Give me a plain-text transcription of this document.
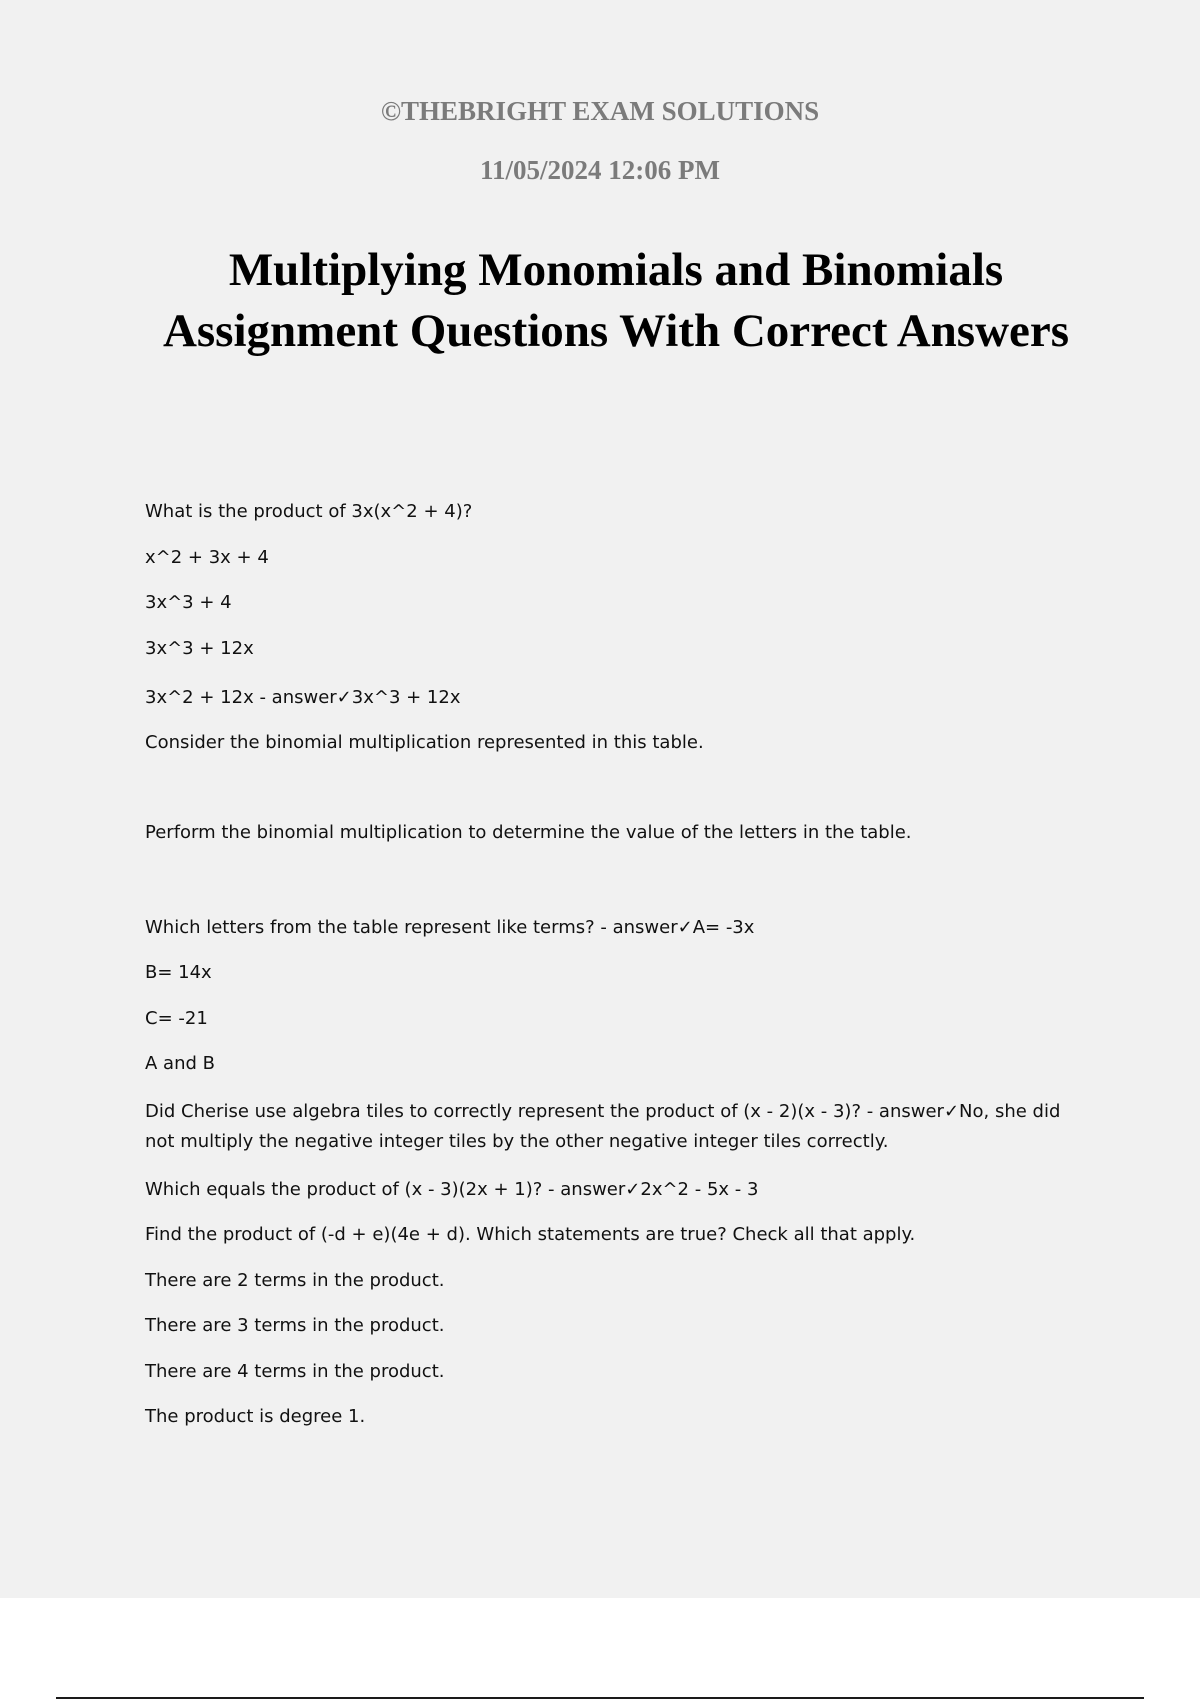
©THEBRIGHT EXAM SOLUTIONS

11/05/2024 12:06 PM

Multiplying Monomials and Binomials
Assignment Questions With Correct Answers
What is the product of 3x(x^2 + 4)?
x^2 + 3x + 4
3x^3 + 4
3x^3 + 12x
3x^2 + 12x - answer✓3x^3 + 12x
Consider the binomial multiplication represented in this table.
Perform the binomial multiplication to determine the value of the letters in the table.
Which letters from the table represent like terms? - answer✓A= -3x
B= 14x
C= -21
A and B
Did Cherise use algebra tiles to correctly represent the product of (x - 2)(x - 3)? - answer✓No, she did not multiply the negative integer tiles by the other negative integer tiles correctly.
Which equals the product of (x - 3)(2x + 1)? - answer✓2x^2 - 5x - 3
Find the product of (-d + e)(4e + d). Which statements are true? Check all that apply.
There are 2 terms in the product.
There are 3 terms in the product.
There are 4 terms in the product.
The product is degree 1.
